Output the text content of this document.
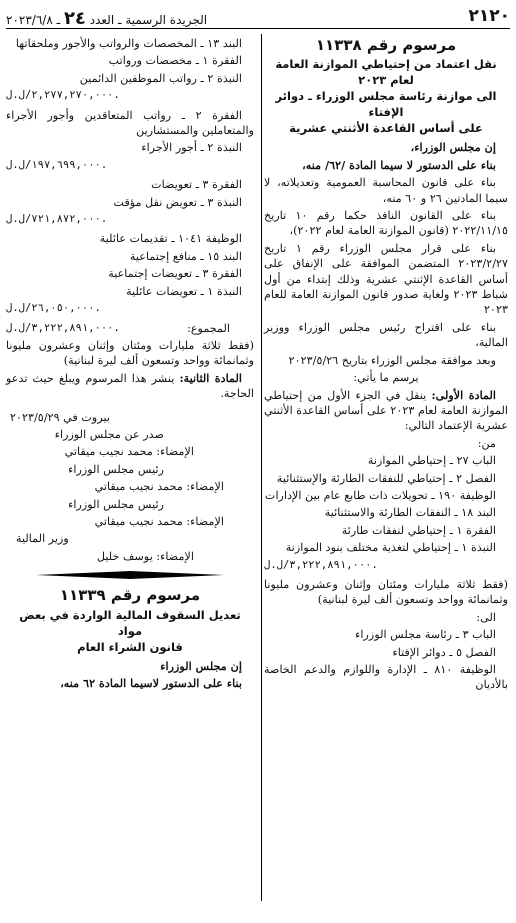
٢١٢٠
الجريدة الرسمية ـ العدد ٢٤ ـ ٢٠٢٣/٦/٨
مرسوم رقم ١١٣٣٨
نقل اعتماد من إحتياطي الموازنة العامة
لعام ٢٠٢٣
الى موازنة رئاسة مجلس الوزراء ـ دوائر الإفتاء
على أساس القاعدة الأثنتي عشرية

إن مجلس الوزراء،

بناء على الدستور لا سيما المادة /٦٢/ منه،

بناء على قانون المحاسبة العمومية وتعديلاته، لا سيما المادتين ٢٦ و ٦٠ منه،

بناء على القانون النافذ حكما رقم ١٠ تاريخ ٢٠٢٢/١١/١٥ (قانون الموازنة العامة لعام ٢٠٢٢)،

بناء على قرار مجلس الوزراء رقم ١ تاريخ ٢٠٢٣/٢/٢٧ المتضمن الموافقة على الإنفاق على أساس القاعدة الإثنتي عشرية وذلك إبتداء من أول شباط ٢٠٢٣ ولغاية صدور قانون الموازنة العامة للعام ٢٠٢٣

بناء على اقتراح رئيس مجلس الوزراء ووزير المالية،

وبعد موافقة مجلس الوزراء بتاريخ ٢٠٢٣/٥/٢٦

يرسم ما يأتي:

المادة الأولى: ينقل في الجزء الأول من إحتياطي الموازنة العامة لعام ٢٠٢٣ على أساس القاعدة الأثنتي عشرية الإعتماد التالي:

من:

الباب ٢٧ ـ إحتياطي الموازنة

الفصل ٢ ـ إحتياطي للنفقات الطارئة والإستثنائية

الوظيفة ١٩٠ ـ تحويلات ذات طابع عام بين الإدارات

البند ١٨ ـ النفقات الطارئة والاستثنائية

الفقرة ١ ـ إحتياطي لنفقات طارئة

النبذة ١ ـ إحتياطي لتغذية مختلف بنود الموازنة

٣,٢٢٢,٨٩١,٠٠٠/ل.ل.

(فقط ثلاثة مليارات ومئتان وإثنان وعشرون مليونا وثمانمائة وواحد وتسعون ألف ليرة لبنانية)

الى:

الباب ٣ ـ رئاسة مجلس الوزراء

الفصل ٥ ـ دوائر الإفتاء

الوظيفة ٨١٠ ـ الإدارة واللوازم والدعم الخاصة بالأديان

البند ١٣ ـ المخصصات والرواتب والأجور وملحقاتها

الفقرة ١ ـ مخصصات ورواتب

النبذة ٢ ـ رواتب الموظفين الدائمين

٢,٢٧٧,٢٧٠,٠٠٠/ل.ل.

الفقرة ٢ ـ رواتب المتعاقدين وأجور الأجراء والمتعاملين والمستشارين

النبذة ٢ ـ أجور الأجراء

١٩٧,٦٩٩,٠٠٠/ل.ل.

الفقرة ٣ ـ تعويضات

النبذة ٣ ـ تعويض نقل مؤقت

٧٢١,٨٧٢,٠٠٠/ل.ل.

الوظيفة ١٠٤١ ـ تقديمات عائلية

البند ١٥ ـ منافع إجتماعية

الفقرة ٣ ـ تعويضات إجتماعية

النبذة ١ ـ تعويضات عائلية

٢٦,٠٥٠,٠٠٠/ل.ل.
المجموع:
٣,٢٢٢,٨٩١,٠٠٠/ل.ل.

(فقط ثلاثة مليارات ومئتان وإثنان وعشرون مليونا وثمانمائة وواحد وتسعون ألف ليرة لبنانية)

المادة الثانية: ينشر هذا المرسوم ويبلغ حيث تدعو الحاجة.

بيروت في ٢٠٢٣/٥/٢٩

صدر عن مجلس الوزراء

الإمضاء: محمد نجيب ميقاتي

رئيس مجلس الوزراء

الإمضاء: محمد نجيب ميقاتي

رئيس مجلس الوزراء

الإمضاء: محمد نجيب ميقاتي

وزير المالية

الإمضاء: يوسف خليل

مرسوم رقم ١١٣٣٩
تعديل السقوف المالية الواردة في بعض مواد
قانون الشراء العام

إن مجلس الوزراء

بناء على الدستور لاسيما المادة ٦٢ منه،
